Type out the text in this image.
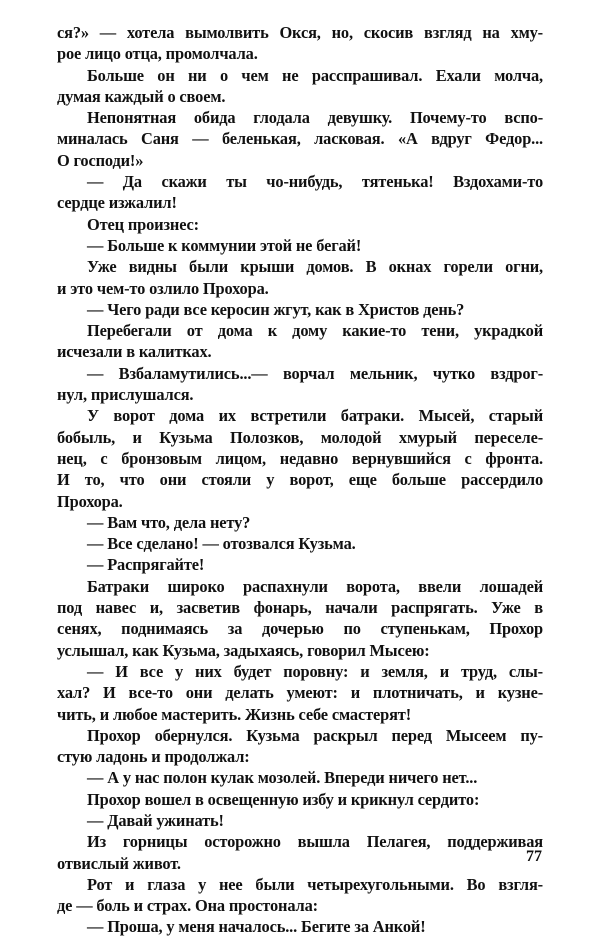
ся?» — хотела вымолвить Окся, но, скосив взгляд на хму-
рое лицо отца, промолчала.
Больше он ни о чем не расспрашивал. Ехали молча,
думая каждый о своем.
Непонятная обида глодала девушку. Почему-то вспо-
миналась Саня — беленькая, ласковая. «А вдруг Федор...
О господи!»
— Да скажи ты чо-нибудь, тятенька! Вздохами-то
сердце изжалил!
Отец произнес:
— Больше к коммунии этой не бегай!
Уже видны были крыши домов. В окнах горели огни,
и это чем-то озлило Прохора.
— Чего ради все керосин жгут, как в Христов день?
Перебегали от дома к дому какие-то тени, украдкой
исчезали в калитках.
— Взбаламутились...— ворчал мельник, чутко вздрог-
нул, прислушался.
У ворот дома их встретили батраки. Мысей, старый
бобыль, и Кузьма Полозков, молодой хмурый переселе-
нец, с бронзовым лицом, недавно вернувшийся с фронта.
И то, что они стояли у ворот, еще больше рассердило
Прохора.
— Вам что, дела нету?
— Все сделано! — отозвался Кузьма.
— Распрягайте!
Батраки широко распахнули ворота, ввели лошадей
под навес и, засветив фонарь, начали распрягать. Уже в
сенях, поднимаясь за дочерью по ступенькам, Прохор
услышал, как Кузьма, задыхаясь, говорил Мысею:
— И все у них будет поровну: и земля, и труд, слы-
хал? И все-то они делать умеют: и плотничать, и кузне-
чить, и любое мастерить. Жизнь себе смастерят!
Прохор обернулся. Кузьма раскрыл перед Мысеем пу-
стую ладонь и продолжал:
— А у нас полон кулак мозолей. Впереди ничего нет...
Прохор вошел в освещенную избу и крикнул сердито:
— Давай ужинать!
Из горницы осторожно вышла Пелагея, поддерживая
отвислый живот.
Рот и глаза у нее были четырехугольными. Во взгля-
де — боль и страх. Она простонала:
— Проша, у меня началось... Бегите за Анкой!
77
